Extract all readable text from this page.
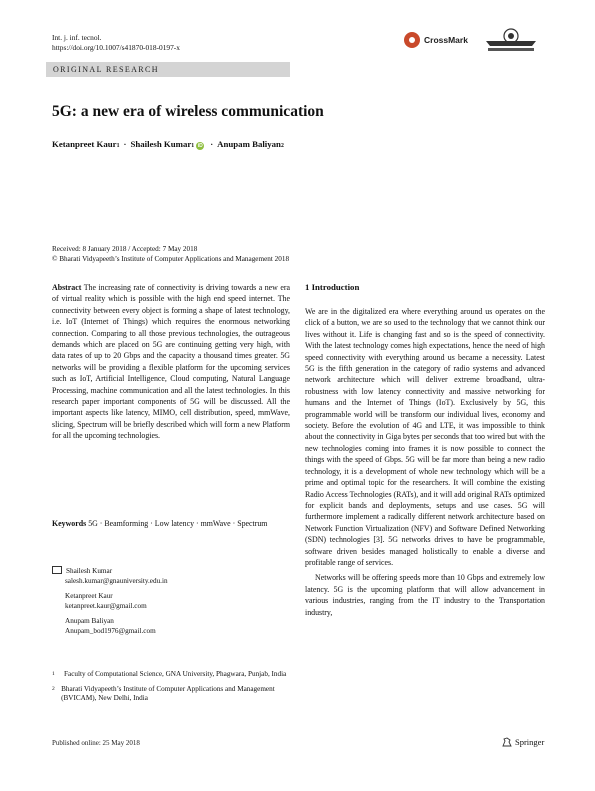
Int. j. inf. tecnol.
https://doi.org/10.1007/s41870-018-0197-x
CrossMark
ORIGINAL RESEARCH
5G: a new era of wireless communication
Ketanpreet Kaur$_1$ · Shailesh Kumar$_1$ iD · Anupam Baliyan$_2$
Received: 8 January 2018 / Accepted: 7 May 2018
© Bharati Vidyapeeth’s Institute of Computer Applications and Management 2018
Abstract The increasing rate of connectivity is driving towards a new era of virtual reality which is possible with the high end speed internet. The connectivity between every object is forming a shape of latest technology, i.e. IoT (Internet of Things) which requires the enormous networking connection. Comparing to all those previous technologies, the outrageous demands which are placed on 5G are continuing getting very high, with data rates of up to 20 Gbps and the capacity a thousand times greater. 5G networks will be providing a flexible platform for the upcoming services such as IoT, Artificial Intelligence, Cloud computing, Natural Language Processing, machine communication and all the latest technologies. In this research paper important components of 5G will be discussed. All the important aspects like latency, MIMO, cell distribution, speed, mmWave, slicing, Spectrum will be briefly described which will form a new Platform for all the upcoming technologies.
Keywords 5G · Beamforming · Low latency · mmWave · Spectrum
Shailesh Kumar
salesh.kumar@gnauniversity.edu.in
Ketanpreet Kaur
ketanpreet.kaur@gmail.com
Anupam Baliyan
Anupam_bod1976@gmail.com
1	Faculty of Computational Science, GNA University, Phagwara, Punjab, India
2 Bharati Vidyapeeth’s Institute of Computer Applications and Management (BVICAM), New Delhi, India
Published online: 25 May 2018	Springer
1 Introduction

We are in the digitalized era where everything around us operates on the click of a button, we are so used to the technology that we cannot think our lives without it. Life is changing fast and so is the speed of connectivity. With the latest technology comes high expectations, hence the need of high speed connectivity with everything around us became a necessity. Latest 5G is the fifth generation in the category of radio systems and advanced network architecture which will deliver extreme broadband, ultra-robustness with low latency connectivity and massive networking for humans and the Internet of Things (IoT). Exclusively by 5G, this programmable world will be transform our individual lives, economy and society. Before the evolution of 4G and LTE, it was impossible to think about the connectivity in Giga bytes per seconds that too wired but with the new technologies coming into frames it is now possible to connect the things with the speed of Gbps. 5G will be far more than being a new radio technology, it is a development of whole new technology which will be a prime and optimal topic for the researchers. It will combine the existing Radio Access Technologies (RATs), and it will add original RATs optimized for explicit bands and deployments, setups and use cases. 5G will furthermore implement a radically different network architecture based on Network Function Virtualization (NFV) and Software Defined Networking (SDN) technologies [3]. 5G networks drives to have be programmable, software driven besides managed holistically to enable a diverse and profitable range of services.

Networks will be offering speeds more than 10 Gbps and extremely low latency. 5G is the upcoming platform that will allow advancement in various industries, ranging from the IT industry to the Transportation industry,
